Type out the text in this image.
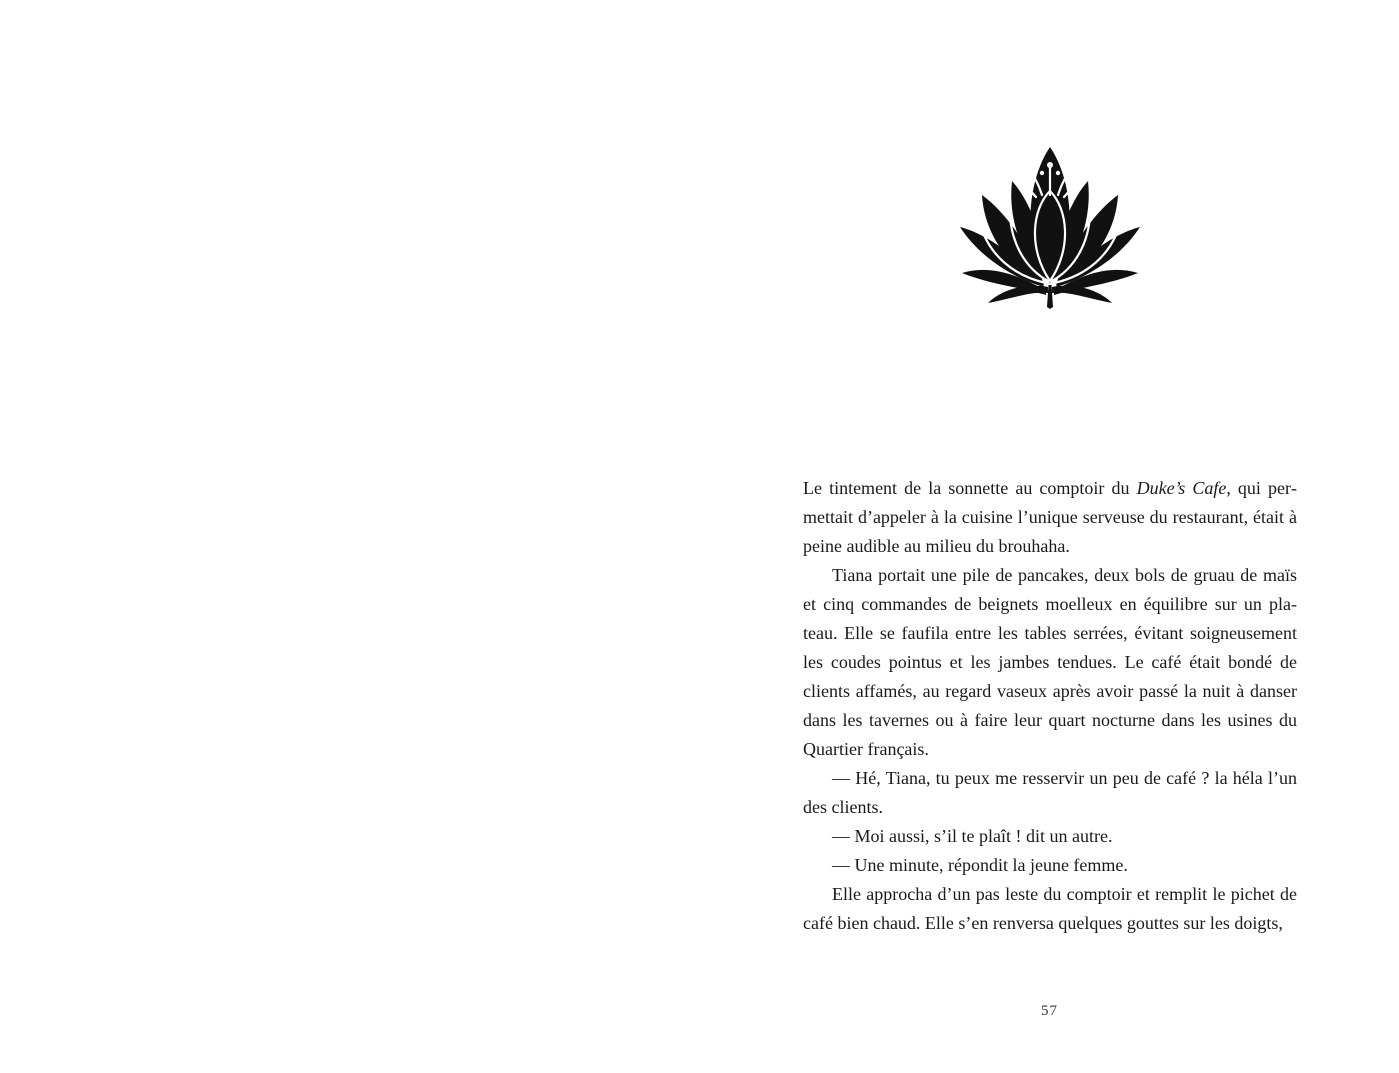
Le tintement de la sonnette au comptoir du Duke’s Cafe, qui permettait d’appeler à la cuisine l’unique serveuse du restaurant, était à peine audible au milieu du brouhaha.

Tiana portait une pile de pancakes, deux bols de gruau de maïs et cinq commandes de beignets moelleux en équilibre sur un plateau. Elle se faufila entre les tables serrées, évitant soigneusement les coudes pointus et les jambes tendues. Le café était bondé de clients affamés, au regard vaseux après avoir passé la nuit à danser dans les tavernes ou à faire leur quart nocturne dans les usines du Quartier français.

— Hé, Tiana, tu peux me resservir un peu de café ? la héla l’un des clients.

— Moi aussi, s’il te plaît ! dit un autre.

— Une minute, répondit la jeune femme.

Elle approcha d’un pas leste du comptoir et remplit le pichet de café bien chaud. Elle s’en renversa quelques gouttes sur les doigts,

57
